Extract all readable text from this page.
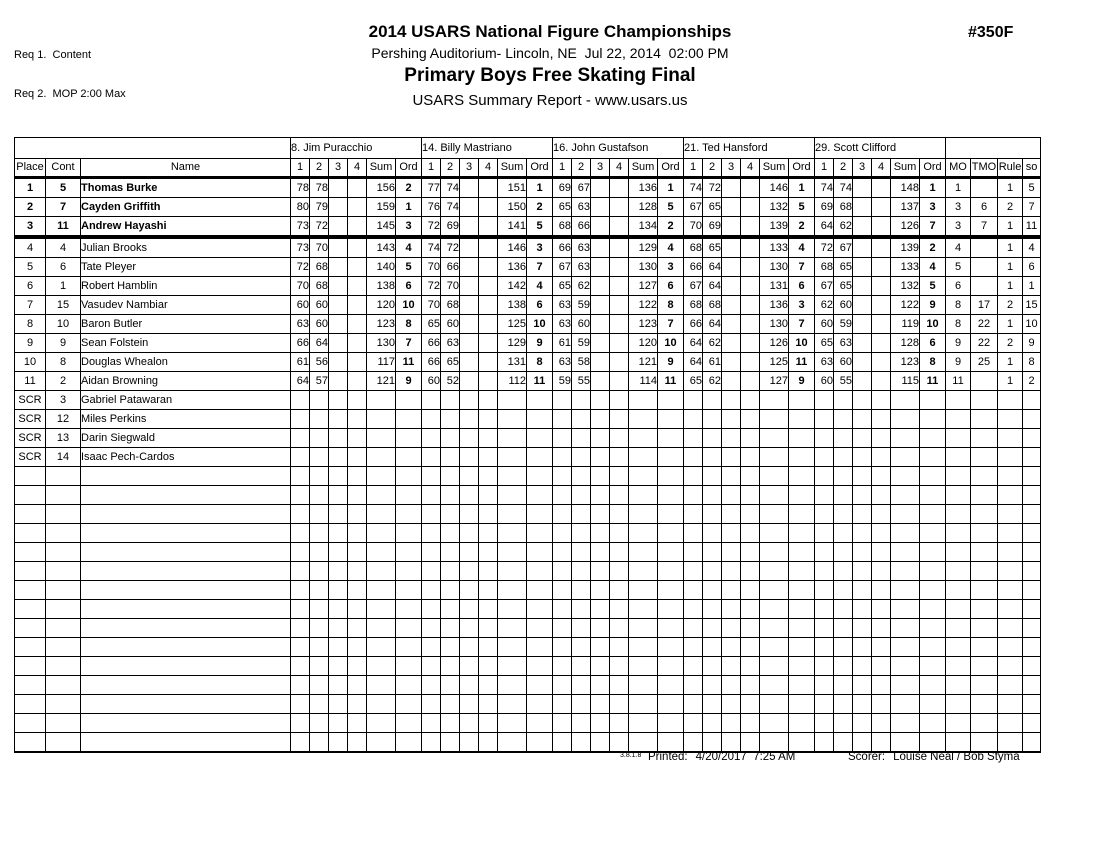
Req 1.  Content

Req 2.  MOP 2:00 Max

2014 USARS National Figure Championships
Pershing Auditorium- Lincoln, NE  Jul 22, 2014  02:00 PM
Primary Boys Free Skating Final
USARS Summary Report - www.usars.us
#350F
			8. Jim Puracchio						14. Billy Mastriano						16. John Gustafson						21. Ted Hansford						29. Scott Clifford									
Place	Cont	Name	1	2	3	4	Sum	Ord	1	2	3	4	Sum	Ord	1	2	3	4	Sum	Ord	1	2	3	4	Sum	Ord	1	2	3	4	Sum	Ord	MO	TMO	Rule	so
1	5	Thomas Burke	78	78			156	2	77	74			151	1	69	67			136	1	74	72			146	1	74	74			148	1	1		1	5
2	7	Cayden Griffith	80	79			159	1	76	74			150	2	65	63			128	5	67	65			132	5	69	68			137	3	3	6	2	7
3	11	Andrew Hayashi	73	72			145	3	72	69			141	5	68	66			134	2	70	69			139	2	64	62			126	7	3	7	1	11
4	4	Julian Brooks	73	70			143	4	74	72			146	3	66	63			129	4	68	65			133	4	72	67			139	2	4		1	4
5	6	Tate Pleyer	72	68			140	5	70	66			136	7	67	63			130	3	66	64			130	7	68	65			133	4	5		1	6
6	1	Robert Hamblin	70	68			138	6	72	70			142	4	65	62			127	6	67	64			131	6	67	65			132	5	6		1	1
7	15	Vasudev Nambiar	60	60			120	10	70	68			138	6	63	59			122	8	68	68			136	3	62	60			122	9	8	17	2	15
8	10	Baron Butler	63	60			123	8	65	60			125	10	63	60			123	7	66	64			130	7	60	59			119	10	8	22	1	10
9	9	Sean Folstein	66	64			130	7	66	63			129	9	61	59			120	10	64	62			126	10	65	63			128	6	9	22	2	9
10	8	Douglas Whealon	61	56			117	11	66	65			131	8	63	58			121	9	64	61			125	11	63	60			123	8	9	25	1	8
11	2	Aidan Browning	64	57			121	9	60	52			112	11	59	55			114	11	65	62			127	9	60	55			115	11	11		1	2
SCR	3	Gabriel Patawaran																																		
SCR	12	Miles Perkins																																		
SCR	13	Darin Siegwald																																		
SCR	14	Isaac Pech-Cardos																																		

3.8.1.8 Printed: 4/20/2017  7:25 AM	Scorer: Louise Neal / Bob Styma
